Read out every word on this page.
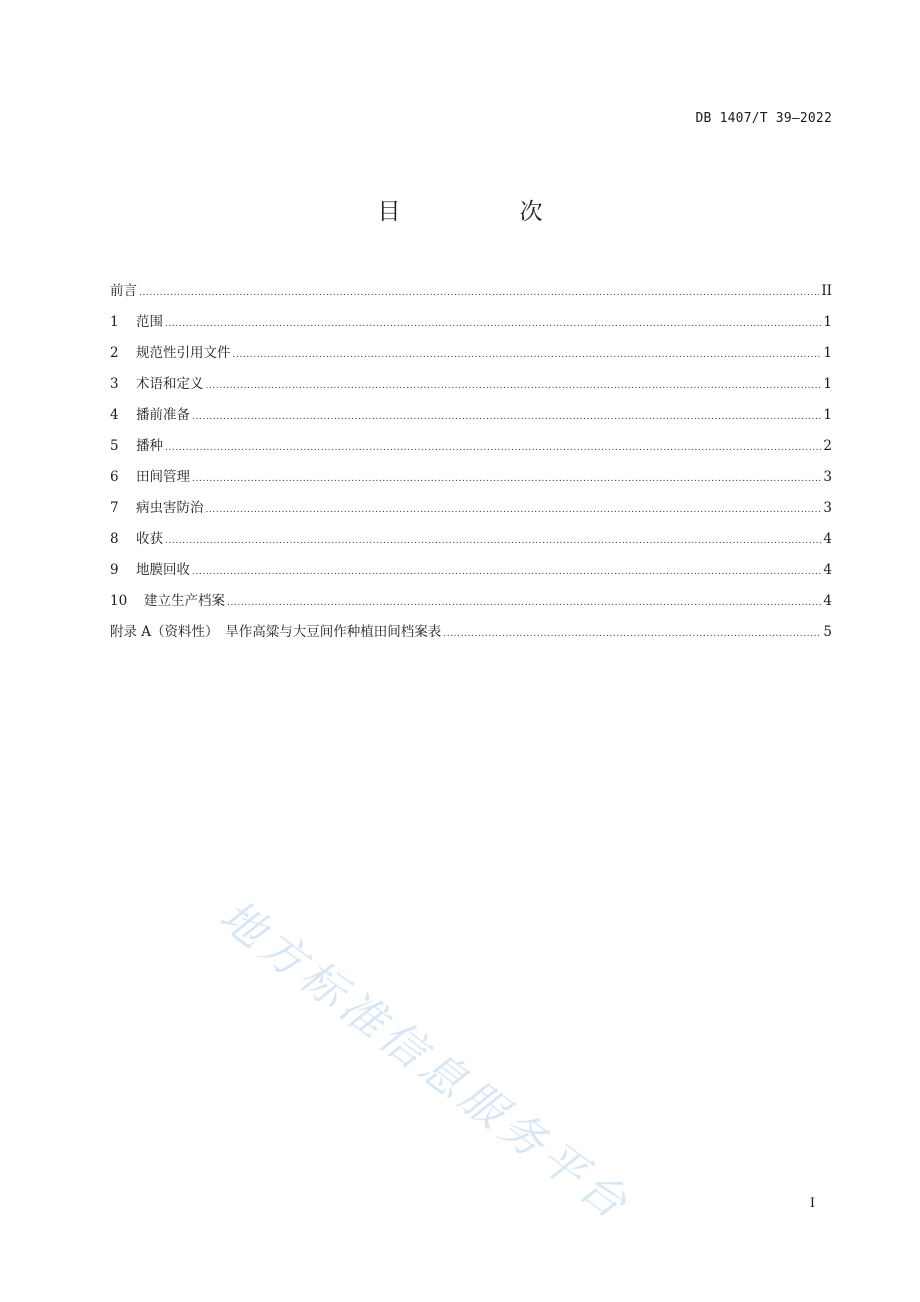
DB 1407/T 39—2022
目　次
前言 .....	II
1	范围 .....	1
2	规范性引用文件 .....	1
3	术语和定义 .....	1
4	播前准备 .....	1
5	播种 .....	2
6	田间管理 .....	3
7	病虫害防治 .....	3
8	收获 .....	4
9	地膜回收 .....	4
10	建立生产档案 .....	4
附录 A（资料性）　旱作高粱与大豆间作种植田间档案表 .....	5
地方标准信息服务平台	I
